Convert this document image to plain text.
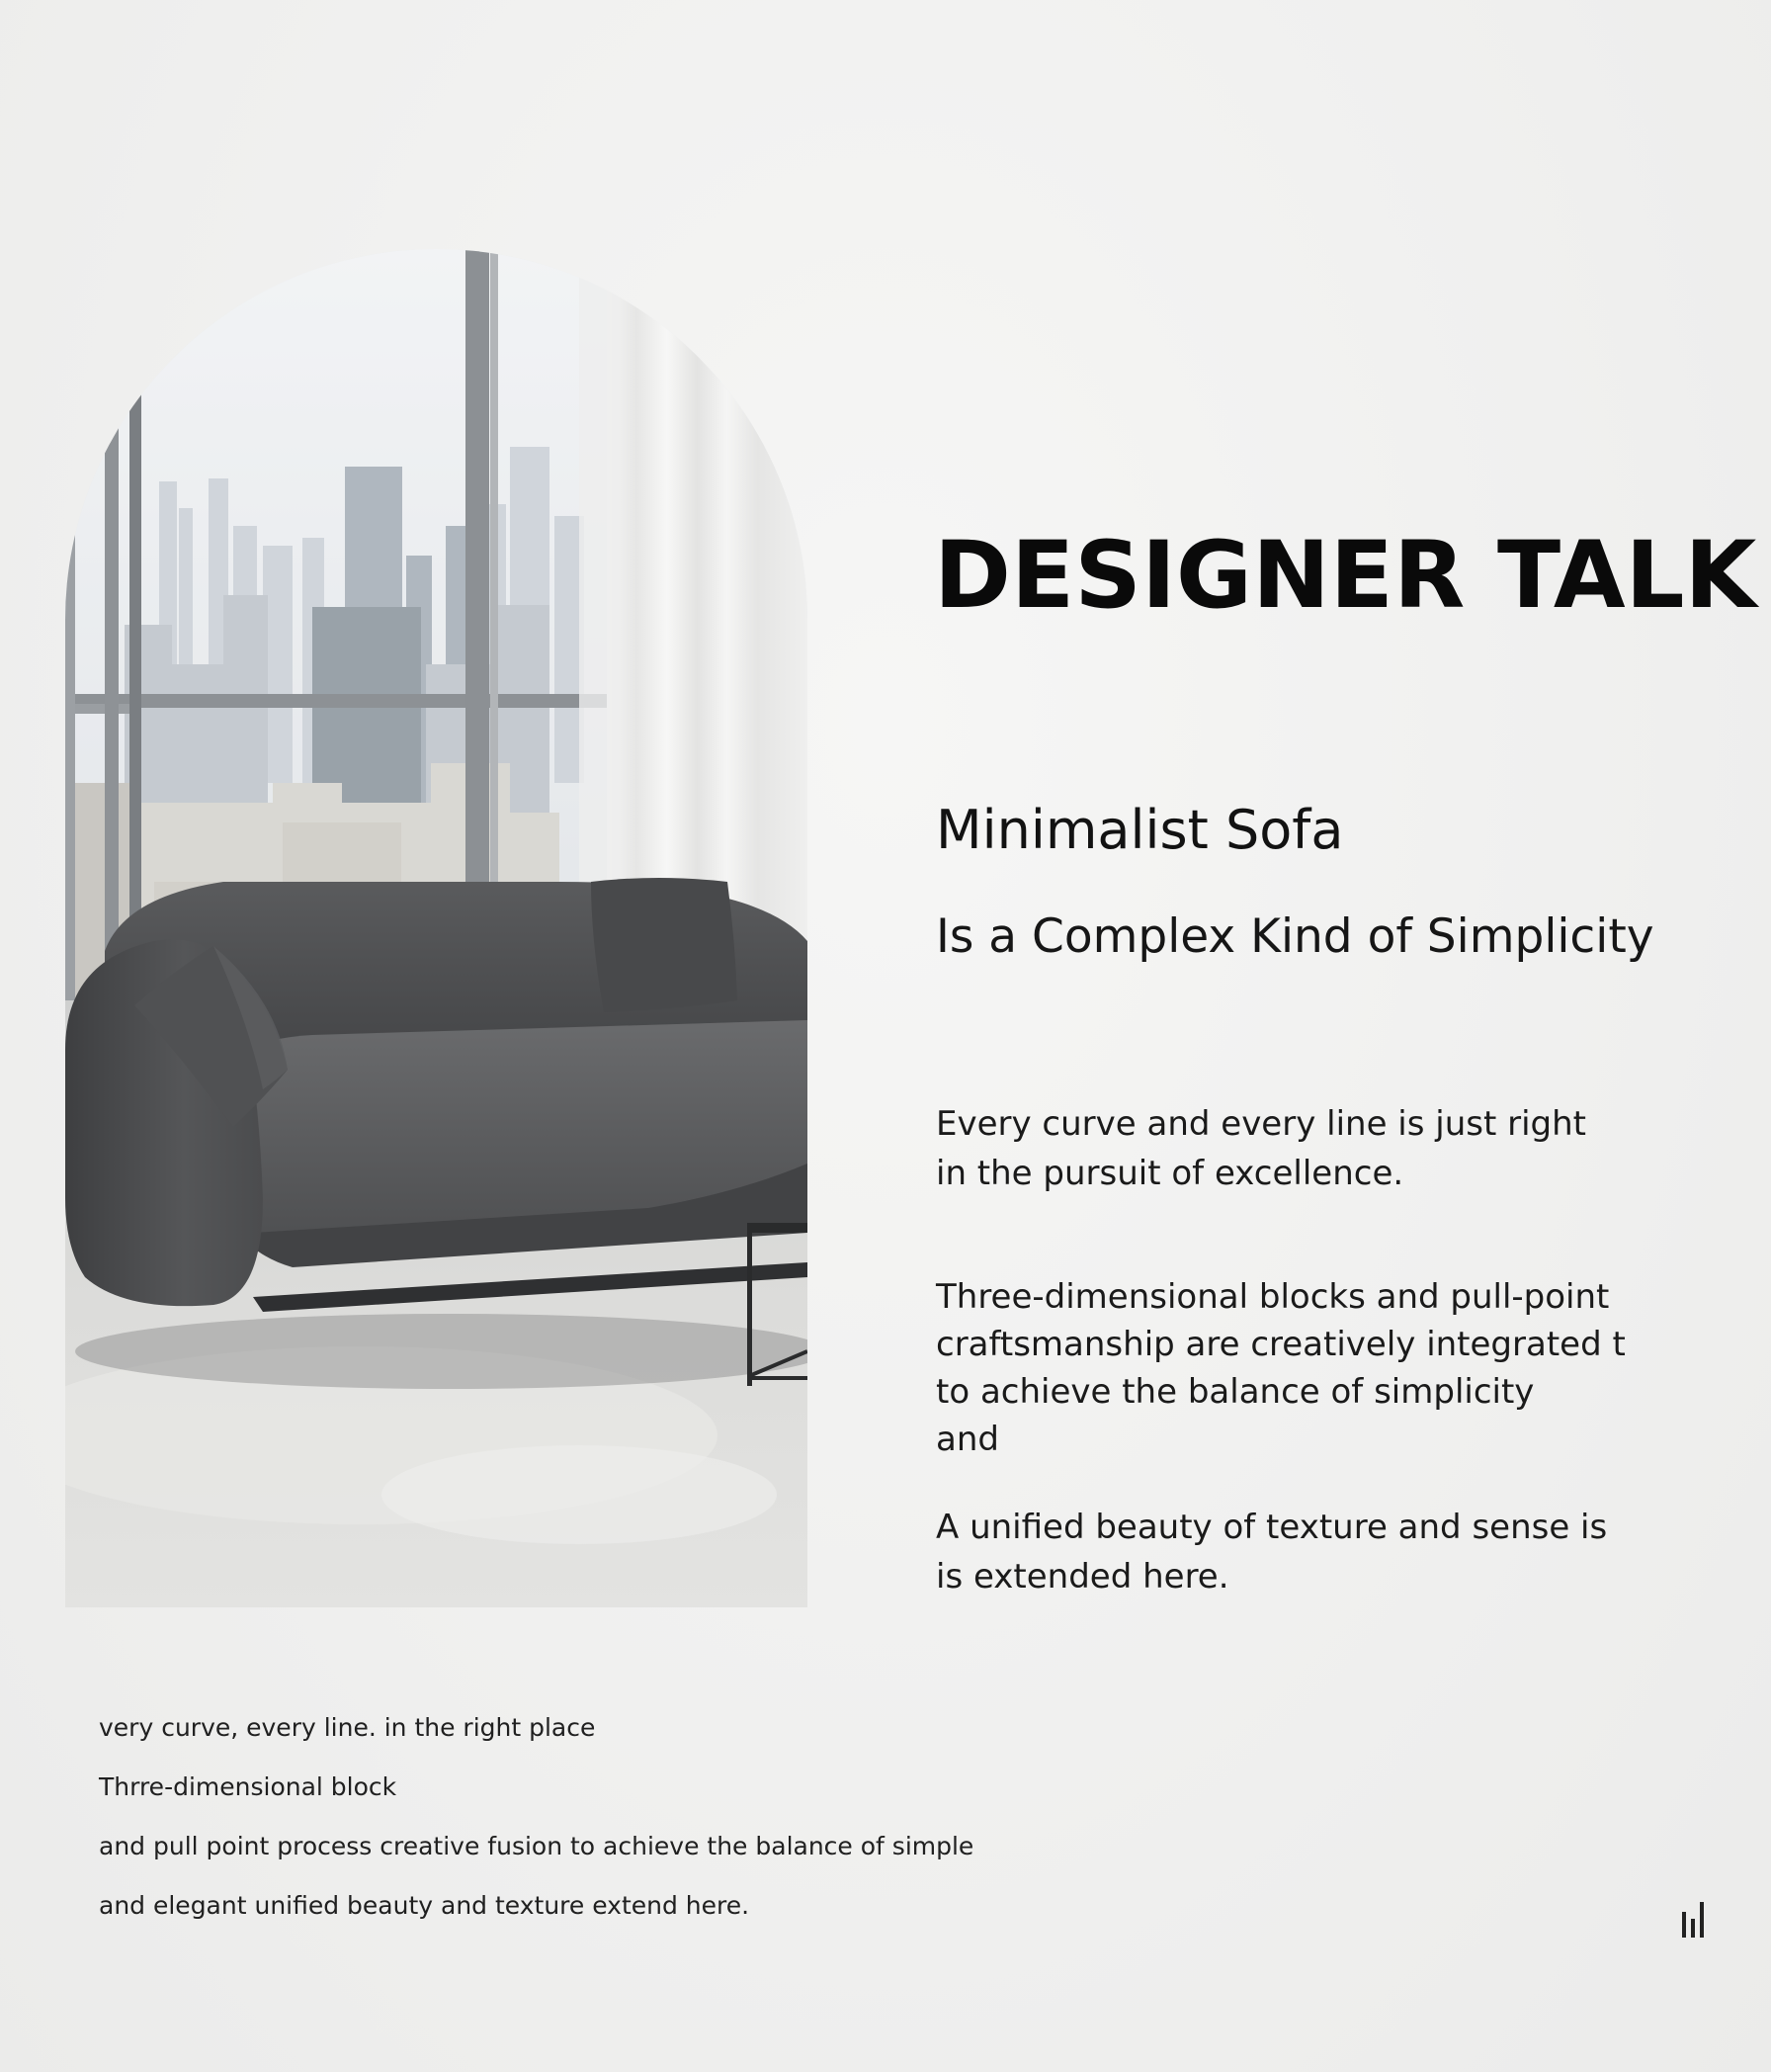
DESIGNER TALK
Minimalist Sofa
Is a Complex Kind of Simplicity

Every curve and every line is just right
in the pursuit of excellence.

Three-dimensional blocks and pull-point
craftsmanship are creatively integrated t
to achieve the balance of simplicity
and

A unified beauty of texture and sense is
is extended here.

very curve, every line. in the right place
Thrre-dimensional block
and pull point process creative fusion to achieve the balance of simple
and elegant unified beauty and texture extend here.
